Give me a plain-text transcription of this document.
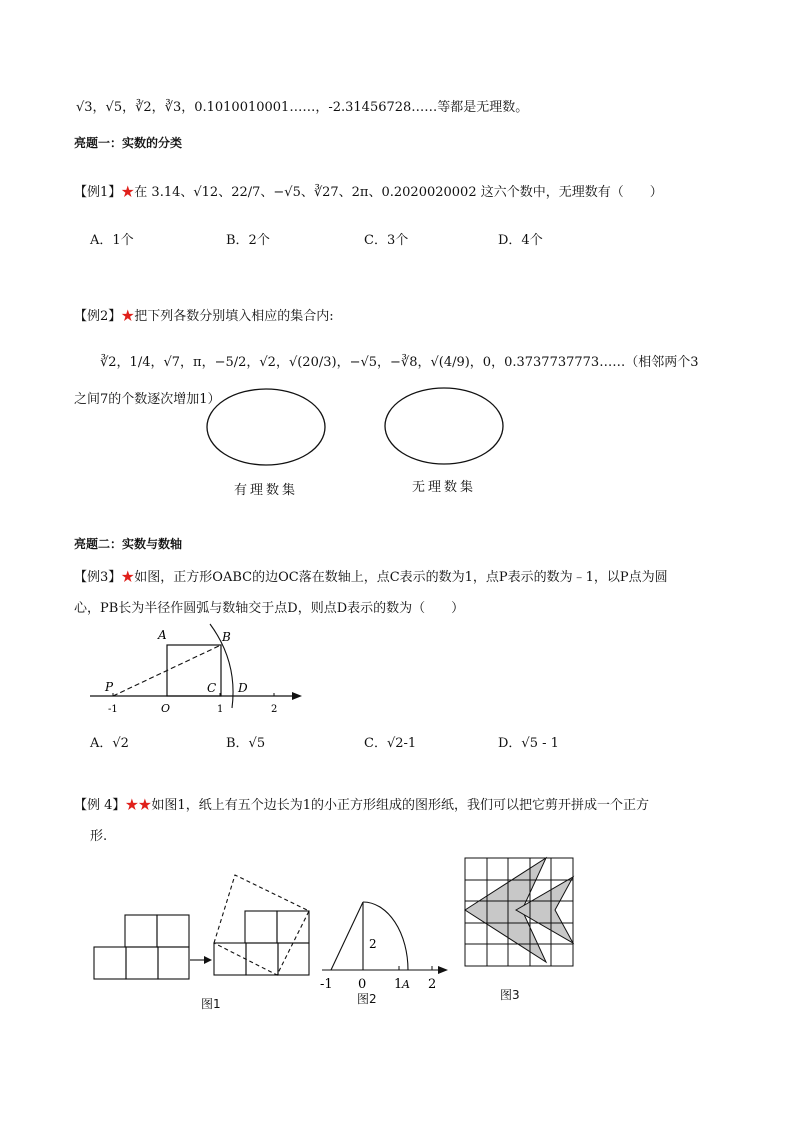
√3，√5，∛2，∛3，0.1010010001……，-2.31456728……等都是无理数。
亮题一：实数的分类
【例1】★在 3.14、√12、22/7、−√5、∛27、2π、0.2020020002 这六个数中，无理数有（　　）
A．1个	B．2个	C．3个	D．4个
【例2】★把下列各数分别填入相应的集合内:
∛2，1/4，√7，π，−5/2，√2，√(20/3)，−√5，−∛8，√(4/9)，0，0.3737737773……（相邻两个3
之间7的个数逐次增加1）
有理数集	无理数集
亮题二：实数与数轴
【例3】★如图，正方形OABC的边OC落在数轴上，点C表示的数为1，点P表示的数为﹣1，以P点为圆
心，PB长为半径作圆弧与数轴交于点D，则点D表示的数为（　　）
A	B
C D
P
O
-1	1	2
A．√2	B．√5	C．√2-1	D．√5 - 1
【例 4】★★如图1，纸上有五个边长为1的小正方形组成的图形纸，我们可以把它剪开拼成一个正方
形.
2
-1 0 1 A 2
图1	图2	图3
